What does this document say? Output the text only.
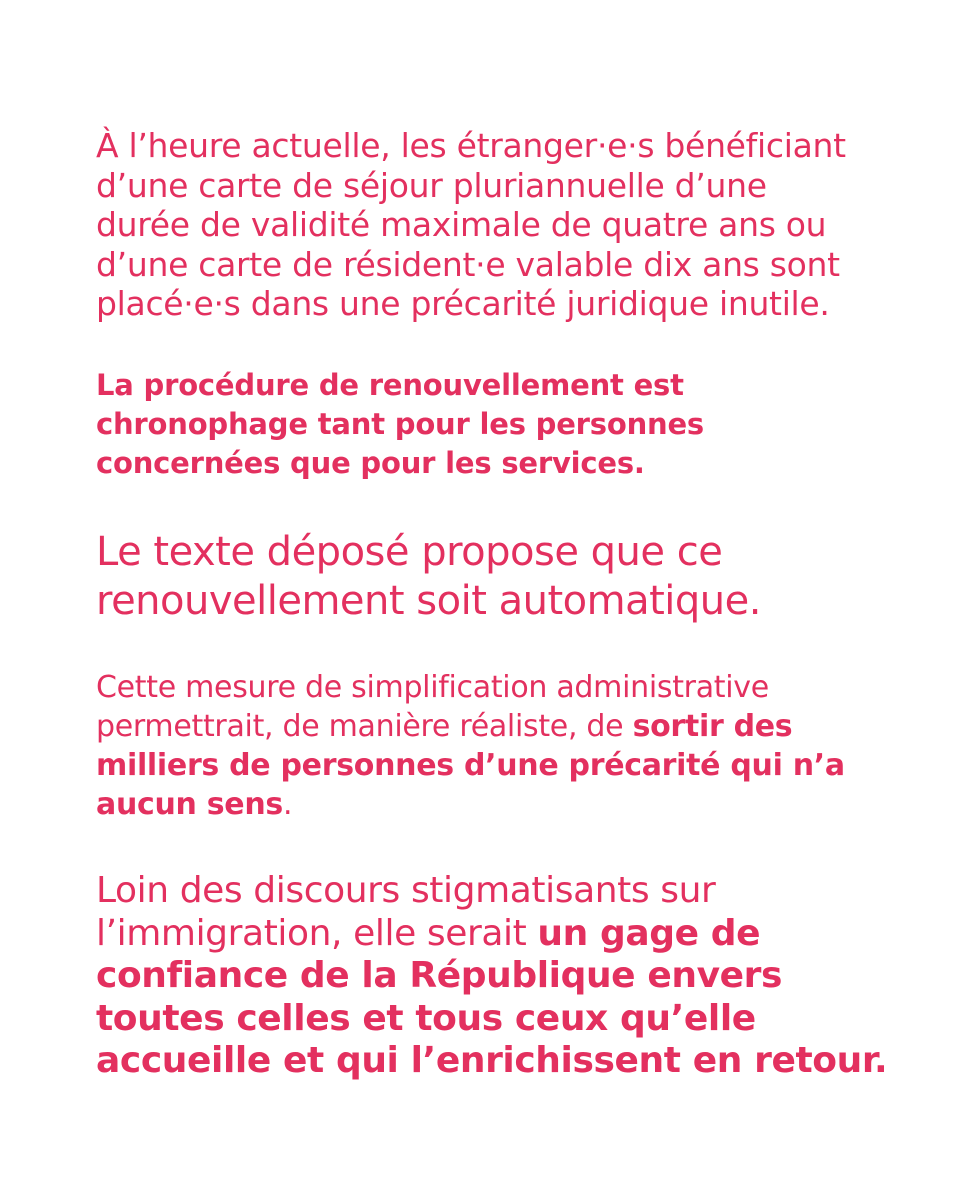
À l’heure actuelle, les étranger·e·s bénéficiant
d’une carte de séjour pluriannuelle d’une
durée de validité maximale de quatre ans ou
d’une carte de résident·e valable dix ans sont
placé·e·s dans une précarité juridique inutile.

La procédure de renouvellement est
chronophage tant pour les personnes
concernées que pour les services.

Le texte déposé propose que ce
renouvellement soit automatique.

Cette mesure de simplification administrative
permettrait, de manière réaliste, de sortir des
milliers de personnes d’une précarité qui n’a
aucun sens.

Loin des discours stigmatisants sur
l’immigration, elle serait un gage de
confiance de la République envers
toutes celles et tous ceux qu’elle
accueille et qui l’enrichissent en retour.
